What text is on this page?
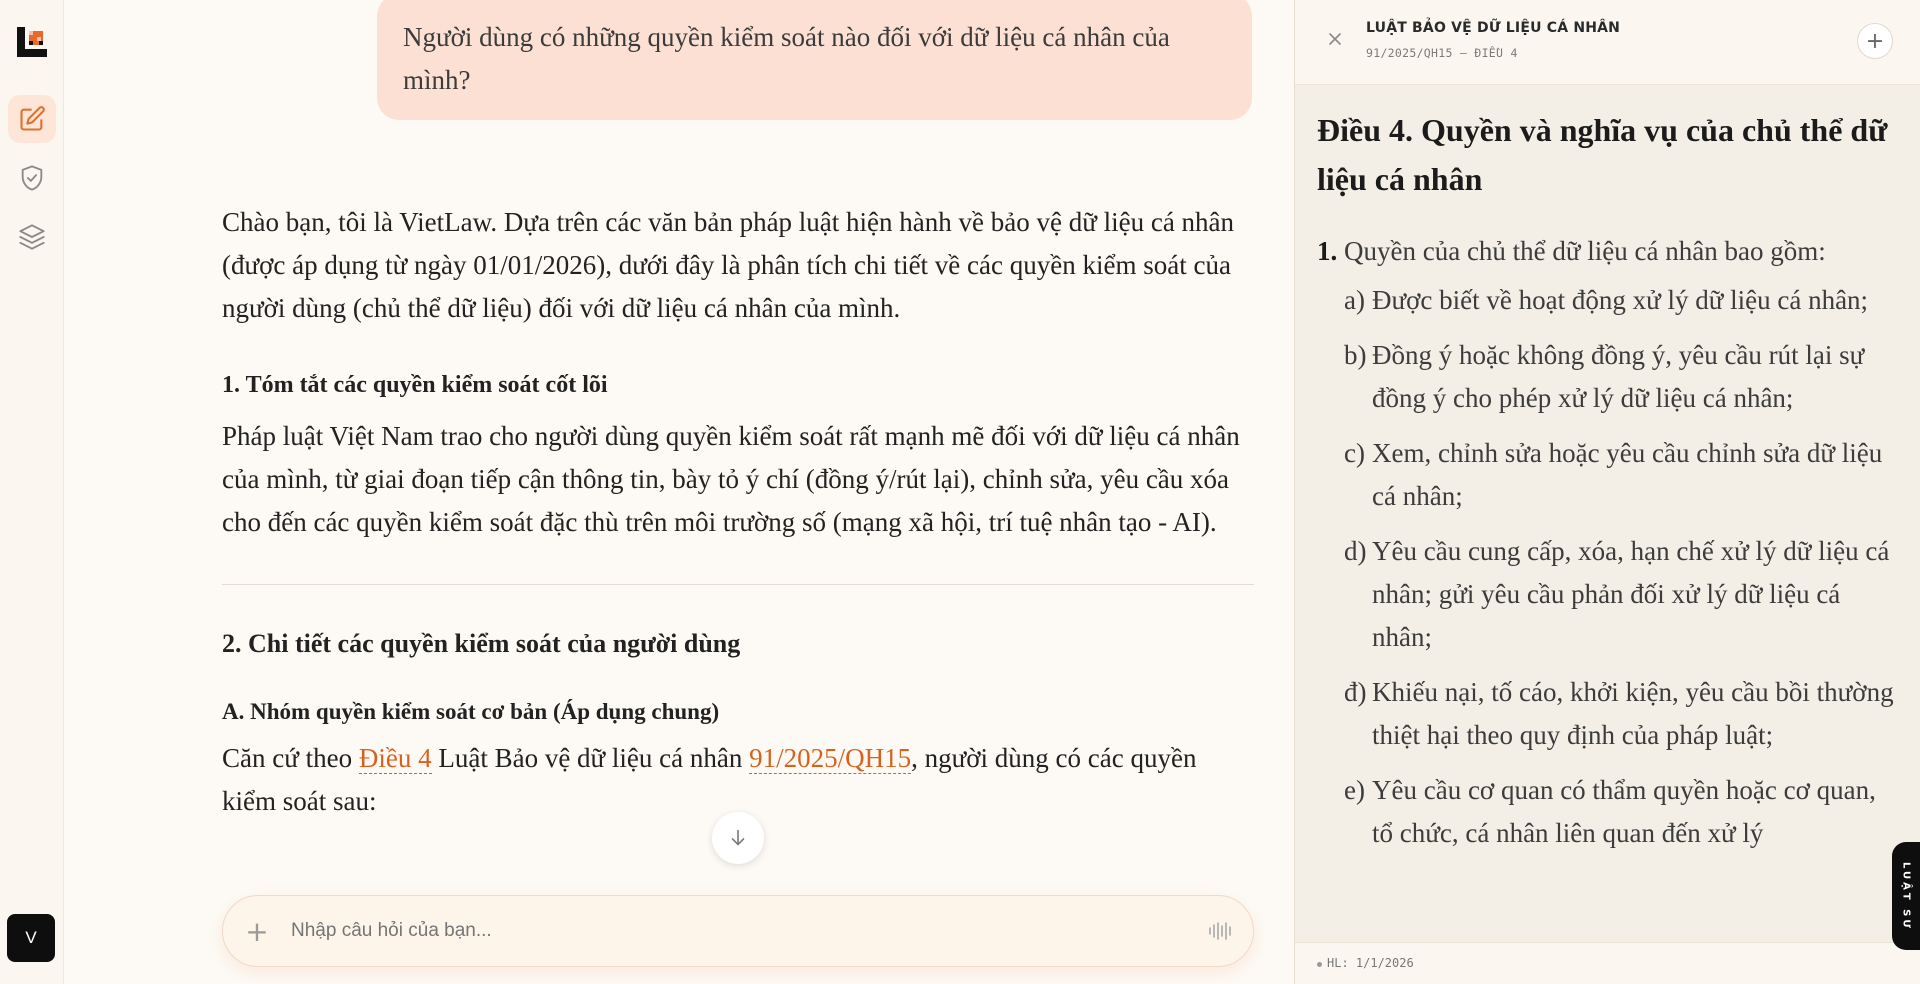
V
Người dùng có những quyền kiểm soát nào đối với dữ liệu cá nhân của mình?

Chào bạn, tôi là VietLaw. Dựa trên các văn bản pháp luật hiện hành về bảo vệ dữ liệu cá nhân (được áp dụng từ ngày 01/01/2026), dưới đây là phân tích chi tiết về các quyền kiểm soát của người dùng (chủ thể dữ liệu) đối với dữ liệu cá nhân của mình.

1. Tóm tắt các quyền kiểm soát cốt lõi

Pháp luật Việt Nam trao cho người dùng quyền kiểm soát rất mạnh mẽ đối với dữ liệu cá nhân của mình, từ giai đoạn tiếp cận thông tin, bày tỏ ý chí (đồng ý/rút lại), chỉnh sửa, yêu cầu xóa cho đến các quyền kiểm soát đặc thù trên môi trường số (mạng xã hội, trí tuệ nhân tạo - AI).

2. Chi tiết các quyền kiểm soát của người dùng
A. Nhóm quyền kiểm soát cơ bản (Áp dụng chung)

Căn cứ theo Điều 4 Luật Bảo vệ dữ liệu cá nhân 91/2025/QH15, người dùng có các quyền kiểm soát sau:

+
Nhập câu hỏi của bạn...
LUẬT BẢO VỆ DỮ LIỆU CÁ NHÂN
91/2025/QH15 — ĐIỀU 4	+
Điều 4. Quyền và nghĩa vụ của chủ thể dữ liệu cá nhân
1. Quyền của chủ thể dữ liệu cá nhân bao gồm:
a) Được biết về hoạt động xử lý dữ liệu cá nhân;
b) Đồng ý hoặc không đồng ý, yêu cầu rút lại sự đồng ý cho phép xử lý dữ liệu cá nhân;
c) Xem, chỉnh sửa hoặc yêu cầu chỉnh sửa dữ liệu cá nhân;
d) Yêu cầu cung cấp, xóa, hạn chế xử lý dữ liệu cá nhân; gửi yêu cầu phản đối xử lý dữ liệu cá nhân;
đ) Khiếu nại, tố cáo, khởi kiện, yêu cầu bồi thường thiệt hại theo quy định của pháp luật;
e) Yêu cầu cơ quan có thẩm quyền hoặc cơ quan, tổ chức, cá nhân liên quan đến xử lý
HL: 1/1/2026
LUẬT SƯ
